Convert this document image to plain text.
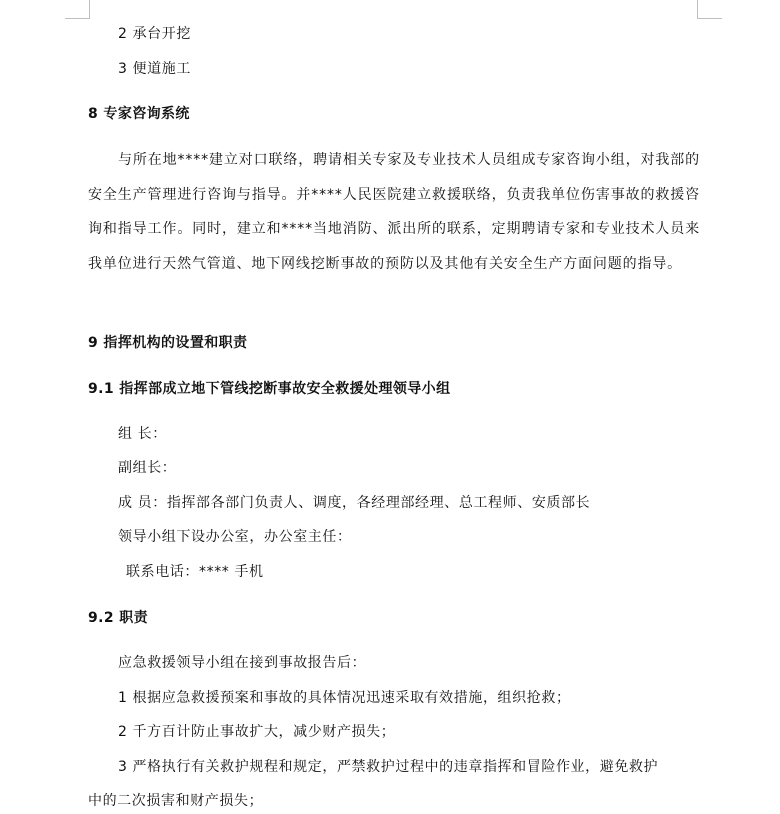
2 承台开挖
3 便道施工
8 专家咨询系统
与所在地****建立对口联络，聘请相关专家及专业技术人员组成专家咨询小组，对我部的安全生产管理进行咨询与指导。并****人民医院建立救援联络，负责我单位伤害事故的救援咨询和指导工作。同时，建立和****当地消防、派出所的联系，定期聘请专家和专业技术人员来我单位进行天然气管道、地下网线挖断事故的预防以及其他有关安全生产方面问题的指导。
9 指挥机构的设置和职责
9.1 指挥部成立地下管线挖断事故安全救援处理领导小组
组 长：
副组长：
成 员：指挥部各部门负责人、调度，各经理部经理、总工程师、安质部长
领导小组下设办公室，办公室主任：
联系电话：**** 手机
9.2 职责
应急救援领导小组在接到事故报告后：
1 根据应急救援预案和事故的具体情况迅速采取有效措施，组织抢救；
2 千方百计防止事故扩大，减少财产损失；
3 严格执行有关救护规程和规定，严禁救护过程中的违章指挥和冒险作业，避免救护
中的二次损害和财产损失；
